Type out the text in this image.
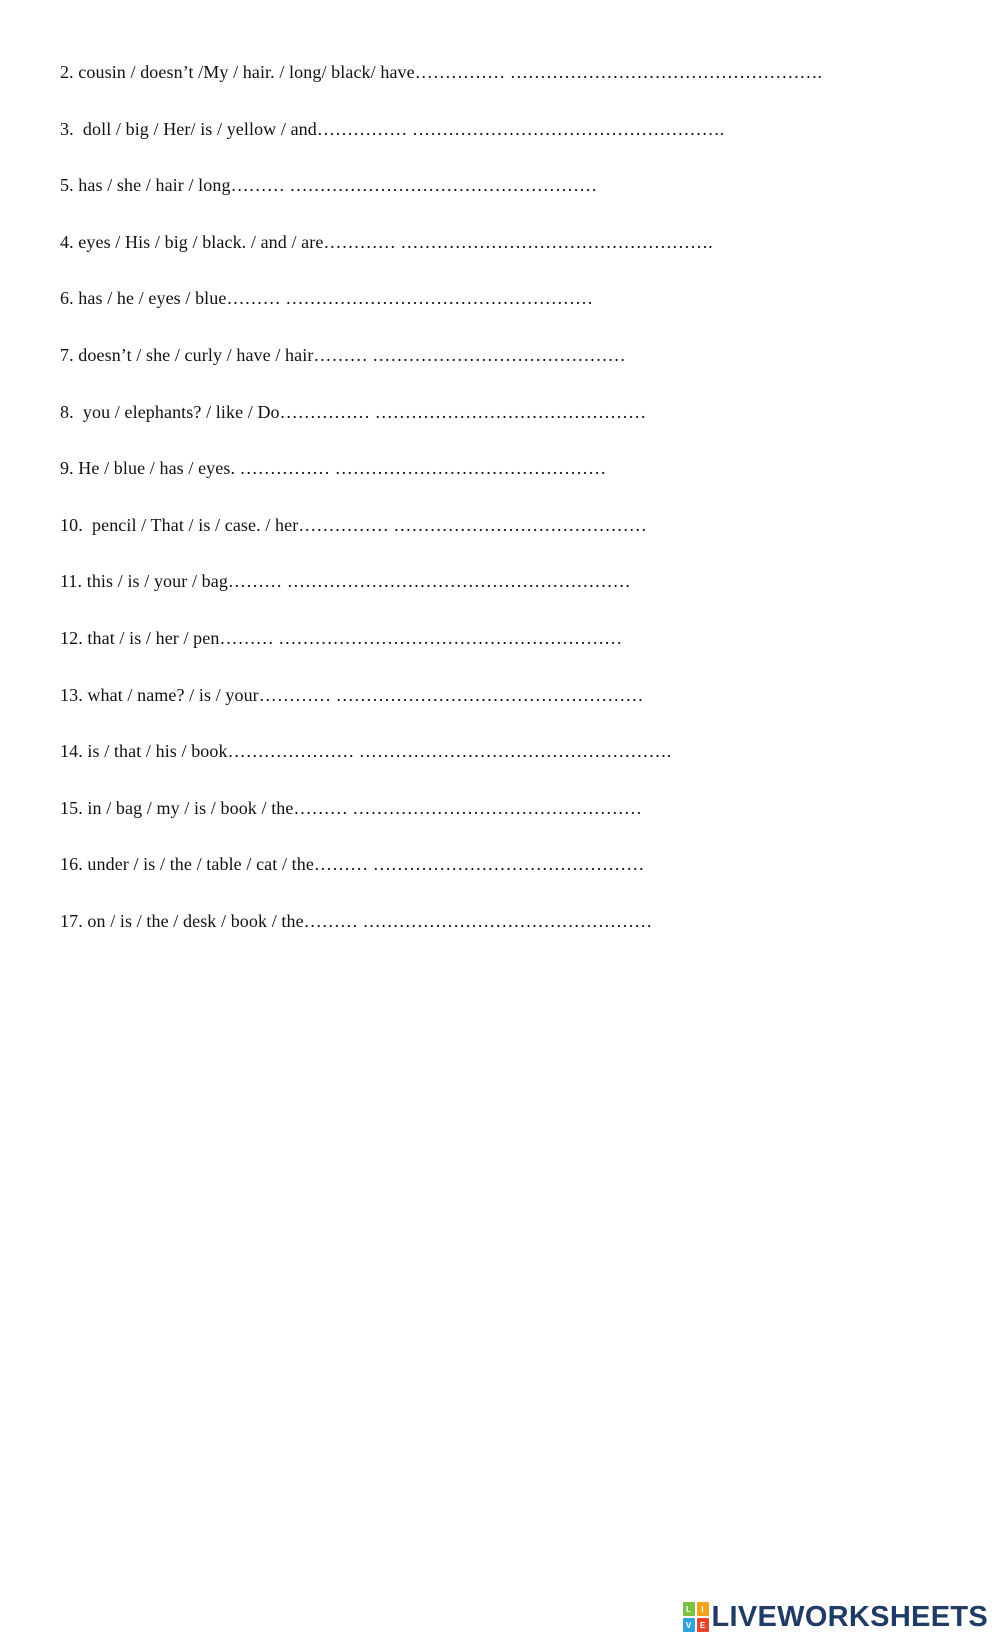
2. cousin / doesn’t /My / hair. / long/ black/ have…………… …………………………………………….
3.  doll / big / Her/ is / yellow / and…………… …………………………………………….
5. has / she / hair / long……… ……………………………………………
4. eyes / His / big / black. / and / are………… …………………………………………….
6. has / he / eyes / blue……… ……………………………………………
7. doesn’t / she / curly / have / hair……… ……………………………………
8.  you / elephants? / like / Do…………… ………………………………………
9. He / blue / has / eyes. …………… ………………………………………
10.  pencil / That / is / case. / her…………… ……………………………………
11. this / is / your / bag……… …………………………………………………
12. that / is / her / pen……… …………………………………………………
13. what / name? / is / your………… ……………………………………………
14. is / that / his / book………………… …………………………………………….
15. in / bag / my / is / book / the……… …………………………………………
16. under / is / the / table / cat / the……… ………………………………………
17. on / is / the / desk / book / the……… …………………………………………
L	I
V	E LIVEWORKSHEETS
